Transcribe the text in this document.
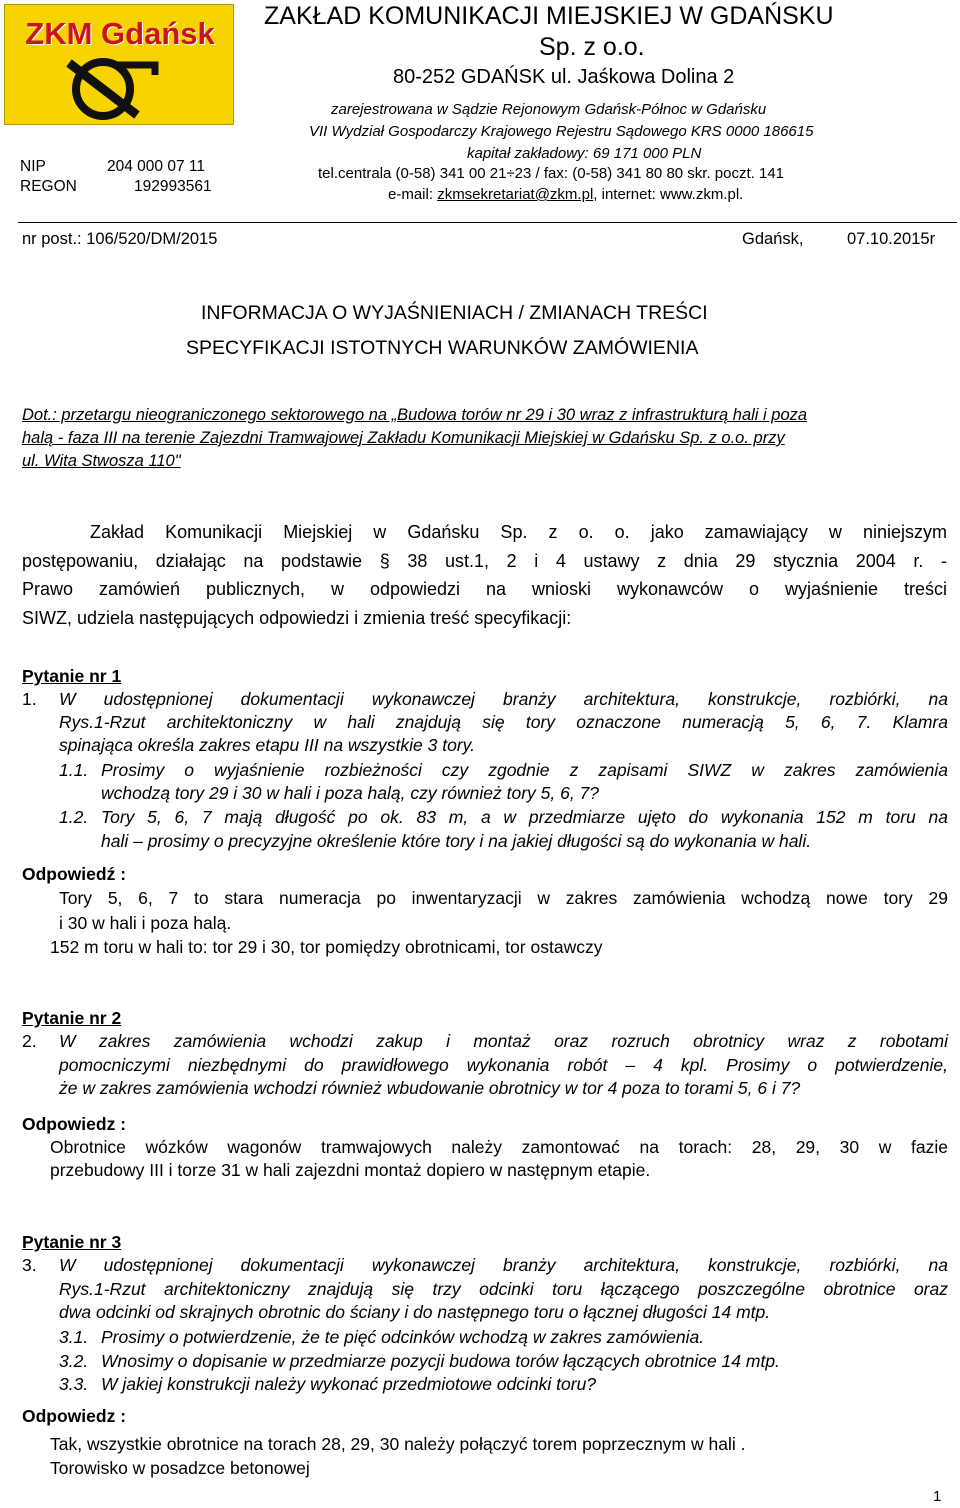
ZKM Gdańsk
NIP	204 000 07 11
REGON	192993561
ZAKŁAD KOMUNIKACJI MIEJSKIEJ W GDAŃSKU
Sp. z o.o.
80-252 GDAŃSK ul. Jaśkowa Dolina 2
zarejestrowana w Sądzie Rejonowym Gdańsk-Północ w Gdańsku
VII Wydział Gospodarczy Krajowego Rejestru Sądowego KRS 0000 186615
kapitał zakładowy: 69 171 000 PLN
tel.centrala (0-58) 341 00 21÷23 / fax: (0-58) 341 80 80 skr. poczt. 141
e-mail: zkmsekretariat@zkm.pl, internet: www.zkm.pl.
nr post.: 106/520/DM/2015	Gdańsk,	07.10.2015r
INFORMACJA O WYJAŚNIENIACH / ZMIANACH TREŚCI
SPECYFIKACJI ISTOTNYCH WARUNKÓW ZAMÓWIENIA
Dot.: przetargu nieograniczonego sektorowego na „Budowa torów nr 29 i 30 wraz z infrastrukturą hali i poza
halą - faza III na terenie Zajezdni Tramwajowej Zakładu Komunikacji Miejskiej w Gdańsku Sp. z o.o. przy
ul. Wita Stwosza 110"
Zakład Komunikacji Miejskiej w Gdańsku Sp. z o. o. jako zamawiający w niniejszym
postępowaniu, działając na podstawie § 38 ust.1, 2 i 4 ustawy z dnia 29 stycznia 2004 r. -
Prawo zamówień publicznych, w odpowiedzi na wnioski wykonawców o wyjaśnienie treści
SIWZ, udziela następujących odpowiedzi i zmienia treść specyfikacji:
Pytanie nr 1
1. W udostępnionej dokumentacji wykonawczej branży architektura, konstrukcje, rozbiórki, na
Rys.1-Rzut architektoniczny w hali znajdują się tory oznaczone numeracją 5, 6, 7. Klamra
spinająca określa zakres etapu III na wszystkie 3 tory.
1.1. Prosimy o wyjaśnienie rozbieżności czy zgodnie z zapisami SIWZ w zakres zamówienia
wchodzą tory 29 i 30 w hali i poza halą, czy również tory 5, 6, 7?
1.2. Tory 5, 6, 7 mają długość po ok. 83 m, a w przedmiarze ujęto do wykonania 152 m toru na
hali – prosimy o precyzyjne określenie które tory i na jakiej długości są do wykonania w hali.
Odpowiedź :
Tory 5, 6, 7 to stara numeracja po inwentaryzacji w zakres zamówienia wchodzą nowe tory 29
i 30 w hali i poza halą.
152 m toru w hali to: tor 29 i 30, tor pomiędzy obrotnicami, tor ostawczy
Pytanie nr 2
2. W zakres zamówienia wchodzi zakup i montaż oraz rozruch obrotnicy wraz z robotami
pomocniczymi niezbędnymi do prawidłowego wykonania robót – 4 kpl. Prosimy o potwierdzenie,
że w zakres zamówienia wchodzi również wbudowanie obrotnicy w tor 4 poza to torami 5, 6 i 7?
Odpowiedz :
Obrotnice wózków wagonów tramwajowych należy zamontować na torach: 28, 29, 30 w fazie
przebudowy III i torze 31 w hali zajezdni montaż dopiero w następnym etapie.
Pytanie nr 3
3. W udostępnionej dokumentacji wykonawczej branży architektura, konstrukcje, rozbiórki, na
Rys.1-Rzut architektoniczny znajdują się trzy odcinki toru łączącego poszczególne obrotnice oraz
dwa odcinki od skrajnych obrotnic do ściany i do następnego toru o łącznej długości 14 mtp.
3.1. Prosimy o potwierdzenie, że te pięć odcinków wchodzą w zakres zamówienia.
3.2. Wnosimy o dopisanie w przedmiarze pozycji budowa torów łączących obrotnice 14 mtp.
3.3. W jakiej konstrukcji należy wykonać przedmiotowe odcinki toru?
Odpowiedz :
Tak, wszystkie obrotnice na torach 28, 29, 30 należy połączyć torem poprzecznym w hali .
Torowisko w posadzce betonowej
1
